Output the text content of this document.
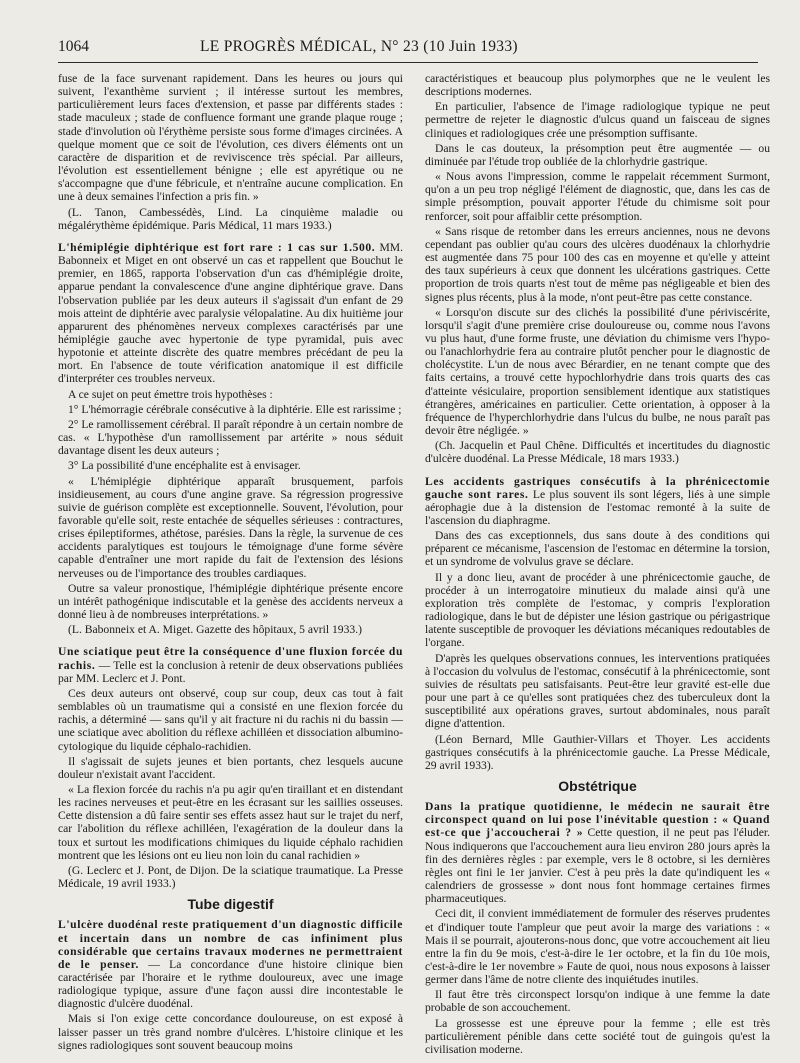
1064	LE PROGRÈS MÉDICAL, N° 23 (10 Juin 1933)

fuse de la face survenant rapidement. Dans les heures ou jours qui suivent, l'exanthème survient ; il intéresse surtout les membres, particulièrement leurs faces d'extension, et passe par différents stades : stade maculeux ; stade de confluence formant une grande plaque rouge ; stade d'involution où l'érythème persiste sous forme d'images circinées. A quelque moment que ce soit de l'évolution, ces divers éléments ont un caractère de disparition et de reviviscence très spécial. Par ailleurs, l'évolution est essentiellement bénigne ; elle est apyrétique ou ne s'accompagne que d'une fébricule, et n'entraîne aucune complication. En une à deux semaines l'infection a pris fin. »

(L. Tanon, Cambessédès, Lind. La cinquième maladie ou mégalérythème épidémique. Paris Médical, 11 mars 1933.)

L'hémiplégie diphtérique est fort rare : 1 cas sur 1.500. MM. Babonneix et Miget en ont observé un cas et rappellent que Bouchut le premier, en 1865, rapporta l'observation d'un cas d'hémiplégie droite, apparue pendant la convalescence d'une angine diphtérique grave. Dans l'observation publiée par les deux auteurs il s'agissait d'un enfant de 29 mois atteint de diphtérie avec paralysie vélopalatine. Au dix huitième jour apparurent des phénomènes nerveux complexes caractérisés par une hémiplégie gauche avec hypertonie de type pyramidal, puis avec hypotonie et atteinte discrète des quatre membres précédant de peu la mort. En l'absence de toute vérification anatomique il est difficile d'interpréter ces troubles nerveux.

A ce sujet on peut émettre trois hypothèses :

1° L'hémorragie cérébrale consécutive à la diphtérie. Elle est rarissime ;

2° Le ramollissement cérébral. Il paraît répondre à un certain nombre de cas. « L'hypothèse d'un ramollissement par artérite » nous séduit davantage disent les deux auteurs ;

3° La possibilité d'une encéphalite est à envisager.

« L'hémiplégie diphtérique apparaît brusquement, parfois insidieusement, au cours d'une angine grave. Sa régression progressive suivie de guérison complète est exceptionnelle. Souvent, l'évolution, pour favorable qu'elle soit, reste entachée de séquelles sérieuses : contractures, crises épileptiformes, athétose, parésies. Dans la règle, la survenue de ces accidents paralytiques est toujours le témoignage d'une forme sévère capable d'entraîner une mort rapide du fait de l'extension des lésions nerveuses ou de l'importance des troubles cardiaques.

Outre sa valeur pronostique, l'hémiplégie diphtérique présente encore un intérêt pathogénique indiscutable et la genèse des accidents nerveux a donné lieu à de nombreuses interprétations. »

(L. Babonneix et A. Miget. Gazette des hôpitaux, 5 avril 1933.)

Une sciatique peut être la conséquence d'une fluxion forcée du rachis. — Telle est la conclusion à retenir de deux observations publiées par MM. Leclerc et J. Pont.

Ces deux auteurs ont observé, coup sur coup, deux cas tout à fait semblables où un traumatisme qui a consisté en une flexion forcée du rachis, a déterminé — sans qu'il y ait fracture ni du rachis ni du bassin — une sciatique avec abolition du réflexe achilléen et dissociation albumino-cytologique du liquide céphalo-rachidien.

Il s'agissait de sujets jeunes et bien portants, chez lesquels aucune douleur n'existait avant l'accident.

« La flexion forcée du rachis n'a pu agir qu'en tiraillant et en distendant les racines nerveuses et peut-être en les écrasant sur les saillies osseuses. Cette distension a dû faire sentir ses effets assez haut sur le trajet du nerf, car l'abolition du réflexe achilléen, l'exagération de la douleur dans la toux et surtout les modifications chimiques du liquide céphalo rachidien montrent que les lésions ont eu lieu non loin du canal rachidien »

(G. Leclerc et J. Pont, de Dijon. De la sciatique traumatique. La Presse Médicale, 19 avril 1933.)

Tube digestif

L'ulcère duodénal reste pratiquement d'un diagnostic difficile et incertain dans un nombre de cas infiniment plus considérable que certains travaux modernes ne permettraient de le penser. — La concordance d'une histoire clinique bien caractérisée par l'horaire et le rythme douloureux, avec une image radiologique typique, assure d'une façon aussi dire incontestable le diagnostic d'ulcère duodénal.

Mais si l'on exige cette concordance douloureuse, on est exposé à laisser passer un très grand nombre d'ulcères. L'histoire clinique et les signes radiologiques sont souvent beaucoup moins

caractéristiques et beaucoup plus polymorphes que ne le veulent les descriptions modernes.

En particulier, l'absence de l'image radiologique typique ne peut permettre de rejeter le diagnostic d'ulcus quand un faisceau de signes cliniques et radiologiques crée une présomption suffisante.

Dans le cas douteux, la présomption peut être augmentée — ou diminuée par l'étude trop oubliée de la chlorhydrie gastrique.

« Nous avons l'impression, comme le rappelait récemment Surmont, qu'on a un peu trop négligé l'élément de diagnostic, que, dans les cas de simple présomption, pouvait apporter l'étude du chimisme soit pour renforcer, soit pour affaiblir cette présomption.

« Sans risque de retomber dans les erreurs anciennes, nous ne devons cependant pas oublier qu'au cours des ulcères duodénaux la chlorhydrie est augmentée dans 75 pour 100 des cas en moyenne et qu'elle y atteint des taux supérieurs à ceux que donnent les ulcérations gastriques. Cette proportion de trois quarts n'est tout de même pas négligeable et bien des signes plus récents, plus à la mode, n'ont peut-être pas cette constance.

« Lorsqu'on discute sur des clichés la possibilité d'une périviscérite, lorsqu'il s'agit d'une première crise douloureuse ou, comme nous l'avons vu plus haut, d'une forme fruste, une déviation du chimisme vers l'hypo- ou l'anachlorhydrie fera au contraire plutôt pencher pour le diagnostic de cholécystite. L'un de nous avec Bérardier, en ne tenant compte que des faits certains, a trouvé cette hypochlorhydrie dans trois quarts des cas d'atteinte vésiculaire, proportion sensiblement identique aux statistiques étrangères, américaines en particulier. Cette orientation, à opposer à la fréquence de l'hyperchlorhydrie dans l'ulcus du bulbe, ne nous paraît pas devoir être négligée. »

(Ch. Jacquelin et Paul Chêne. Difficultés et incertitudes du diagnostic d'ulcère duodénal. La Presse Médicale, 18 mars 1933.)

Les accidents gastriques consécutifs à la phrénicectomie gauche sont rares. Le plus souvent ils sont légers, liés à une simple aérophagie due à la distension de l'estomac remonté à la suite de l'ascension du diaphragme.

Dans des cas exceptionnels, dus sans doute à des conditions qui préparent ce mécanisme, l'ascension de l'estomac en détermine la torsion, et un syndrome de volvulus grave se déclare.

Il y a donc lieu, avant de procéder à une phrénicectomie gauche, de procéder à un interrogatoire minutieux du malade ainsi qu'à une exploration très complète de l'estomac, y compris l'exploration radiologique, dans le but de dépister une lésion gastrique ou périgastrique latente susceptible de provoquer les déviations mécaniques redoutables de l'organe.

D'après les quelques observations connues, les interventions pratiquées à l'occasion du volvulus de l'estomac, consécutif à la phrénicectomie, sont suivies de résultats peu satisfaisants. Peut-être leur gravité est-elle due pour une part à ce qu'elles sont pratiquées chez des tuberculeux dont la susceptibilité aux opérations graves, surtout abdominales, nous paraît digne d'attention.

(Léon Bernard, Mlle Gauthier-Villars et Thoyer. Les accidents gastriques consécutifs à la phrénicectomie gauche. La Presse Médicale, 29 avril 1933).

Obstétrique

Dans la pratique quotidienne, le médecin ne saurait être circonspect quand on lui pose l'inévitable question : « Quand est-ce que j'accoucherai ? » Cette question, il ne peut pas l'éluder. Nous indiquerons que l'accouchement aura lieu environ 280 jours après la fin des dernières règles : par exemple, vers le 8 octobre, si les dernières règles ont fini le 1er janvier. C'est à peu près la date qu'indiquent les « calendriers de grossesse » dont nous font hommage certaines firmes pharmaceutiques.

Ceci dit, il convient immédiatement de formuler des réserves prudentes et d'indiquer toute l'ampleur que peut avoir la marge des variations : « Mais il se pourrait, ajouterons-nous donc, que votre accouchement ait lieu entre la fin du 9e mois, c'est-à-dire le 1er octobre, et la fin du 10e mois, c'est-à-dire le 1er novembre » Faute de quoi, nous nous exposons à laisser germer dans l'âme de notre cliente des inquiétudes inutiles.

Il faut être très circonspect lorsqu'on indique à une femme la date probable de son accouchement.

La grossesse est une épreuve pour la femme ; elle est très particulièrement pénible dans cette société tout de guingois qu'est la civilisation moderne.
